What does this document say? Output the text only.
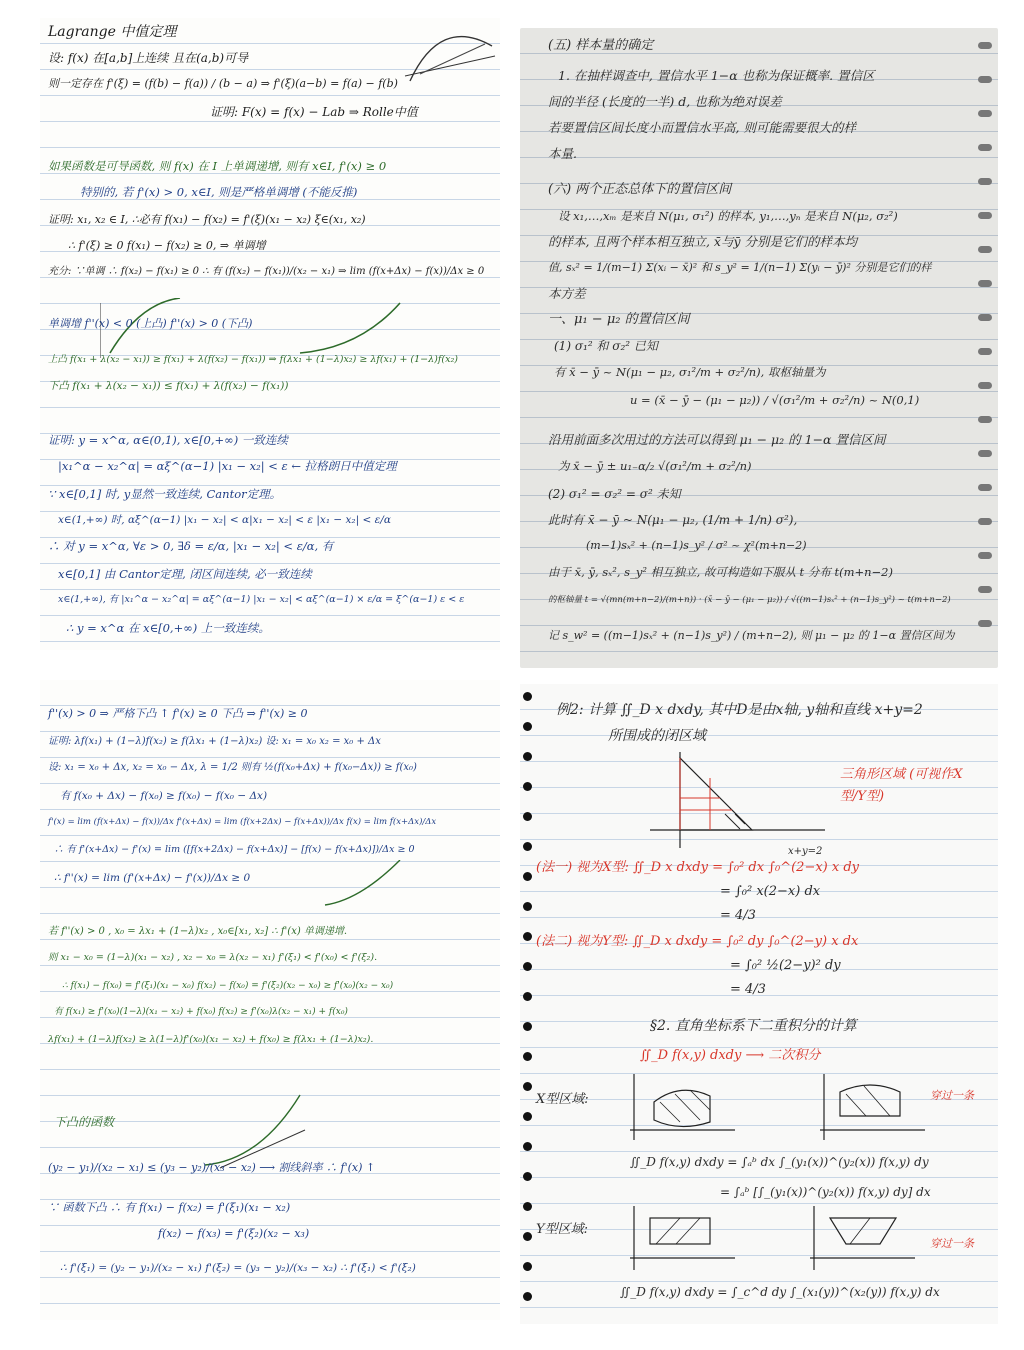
Lagrange 中值定理
设: f(x) 在[a,b]上连续 且在(a,b)可导
则一定存在 f'(ξ) = (f(b) − f(a)) / (b − a) ⇒ f'(ξ)(a−b) = f(a) − f(b)
证明: F(x) = f(x) − Lab ⇒ Rolle中值
如果函数是可导函数, 则 f(x) 在 I 上单调递增, 则有 x∈I, f'(x) ≥ 0
特别的, 若 f'(x) > 0, x∈I, 则是严格单调增 (不能反推)
证明: x₁, x₂ ∈ I, ∴必有 f(x₁) − f(x₂) = f'(ξ)(x₁ − x₂) ξ∈(x₁, x₂)
∴ f'(ξ) ≥ 0 f(x₁) − f(x₂) ≥ 0, ⇒ 单调增
充分: ∵单调 ∴ f(x₂) − f(x₁) ≥ 0 ∴ 有 (f(x₂) − f(x₁))/(x₂ − x₁) ⇒ lim (f(x+Δx) − f(x))/Δx ≥ 0
单调增 f''(x) < 0 (上凸) f''(x) > 0 (下凸)
上凸 f(x₁ + λ(x₂ − x₁)) ≥ f(x₁) + λ(f(x₂) − f(x₁)) ⇒ f(λx₁ + (1−λ)x₂) ≥ λf(x₁) + (1−λ)f(x₂)
下凸 f(x₁ + λ(x₂ − x₁)) ≤ f(x₁) + λ(f(x₂) − f(x₁))
证明: y = x^α, α∈(0,1), x∈[0,+∞) 一致连续
|x₁^α − x₂^α| = αξ^(α−1) |x₁ − x₂| < ε ← 拉格朗日中值定理
∵ x∈[0,1] 时, y显然一致连续, Cantor定理。
x∈(1,+∞) 时, αξ^(α−1) |x₁ − x₂| < α|x₁ − x₂| < ε |x₁ − x₂| < ε/α
∴ 对 y = x^α, ∀ε > 0, ∃δ = ε/α, |x₁ − x₂| < ε/α, 有
x∈[0,1] 由 Cantor定理, 闭区间连续, 必一致连续
x∈(1,+∞), 有 |x₁^α − x₂^α| = αξ^(α−1) |x₁ − x₂| < αξ^(α−1) × ε/α = ξ^(α−1) ε < ε
∴ y = x^α 在 x∈[0,+∞) 上一致连续。
(五) 样本量的确定
1. 在抽样调查中, 置信水平 1−α 也称为保证概率. 置信区
间的半径 (长度的一半) d, 也称为绝对误差
若要置信区间长度小而置信水平高, 则可能需要很大的样
本量.
(六) 两个正态总体下的置信区间
设 x₁,…,xₘ 是来自 N(μ₁, σ₁²) 的样本, y₁,…,yₙ 是来自 N(μ₂, σ₂²)
的样本, 且两个样本相互独立, x̄与ȳ 分别是它们的样本均
值, sₓ² = 1/(m−1) Σ(xᵢ − x̄)² 和 s_y² = 1/(n−1) Σ(yᵢ − ȳ)² 分别是它们的样
本方差
一、μ₁ − μ₂ 的置信区间
(1) σ₁² 和 σ₂² 已知
有 x̄ − ȳ ~ N(μ₁ − μ₂, σ₁²/m + σ₂²/n), 取枢轴量为
u = (x̄ − ȳ − (μ₁ − μ₂)) / √(σ₁²/m + σ₂²/n) ~ N(0,1)
沿用前面多次用过的方法可以得到 μ₁ − μ₂ 的 1−α 置信区间
为 x̄ − ȳ ± u₁₋α/₂ √(σ₁²/m + σ₂²/n)
(2) σ₁² = σ₂² = σ² 未知
此时有 x̄ − ȳ ~ N(μ₁ − μ₂, (1/m + 1/n) σ²),
(m−1)sₓ² + (n−1)s_y² / σ² ~ χ²(m+n−2)
由于 x̄, ȳ, sₓ², s_y² 相互独立, 故可构造如下服从 t 分布 t(m+n−2)
的枢轴量 t = √(mn(m+n−2)/(m+n)) · (x̄ − ȳ − (μ₁ − μ₂)) / √((m−1)sₓ² + (n−1)s_y²) ~ t(m+n−2)
记 s_w² = ((m−1)sₓ² + (n−1)s_y²) / (m+n−2), 则 μ₁ − μ₂ 的 1−α 置信区间为
f''(x) > 0 ⇒ 严格下凸 ↑ f'(x) ≥ 0 下凸 ⇒ f''(x) ≥ 0
证明: λf(x₁) + (1−λ)f(x₂) ≥ f(λx₁ + (1−λ)x₂) 设: x₁ = x₀ x₂ = x₀ + Δx
设: x₁ = x₀ + Δx, x₂ = x₀ − Δx, λ = 1/2 则有 ½(f(x₀+Δx) + f(x₀−Δx)) ≥ f(x₀)
有 f(x₀ + Δx) − f(x₀) ≥ f(x₀) − f(x₀ − Δx)
f'(x) = lim (f(x+Δx) − f(x))/Δx f'(x+Δx) = lim (f(x+2Δx) − f(x+Δx))/Δx f(x) = lim f(x+Δx)/Δx
∴ 有 f'(x+Δx) − f'(x) = lim ([f(x+2Δx) − f(x+Δx)] − [f(x) − f(x+Δx)])/Δx ≥ 0
∴ f''(x) = lim (f'(x+Δx) − f'(x))/Δx ≥ 0
若 f''(x) > 0 , x₀ = λx₁ + (1−λ)x₂ , x₀∈[x₁, x₂] ∴ f'(x) 单调递增.
则 x₁ − x₀ = (1−λ)(x₁ − x₂) , x₂ − x₀ = λ(x₂ − x₁) f'(ξ₁) < f'(x₀) < f'(ξ₂).
∴ f(x₁) − f(x₀) = f'(ξ₁)(x₁ − x₀) f(x₂) − f(x₀) = f'(ξ₂)(x₂ − x₀) ≥ f'(x₀)(x₂ − x₀)
有 f(x₁) ≥ f'(x₀)(1−λ)(x₁ − x₂) + f(x₀) f(x₂) ≥ f'(x₀)λ(x₂ − x₁) + f(x₀)
λf(x₁) + (1−λ)f(x₂) ≥ λ(1−λ)f'(x₀)(x₁ − x₂) + f(x₀) ≥ f(λx₁ + (1−λ)x₂).
下凸的函数
(y₂ − y₁)/(x₂ − x₁) ≤ (y₃ − y₂)/(x₃ − x₂) ⟶ 割线斜率 ∴ f'(x) ↑
∵ 函数下凸 ∴ 有 f(x₁) − f(x₂) = f'(ξ₁)(x₁ − x₂)
f(x₂) − f(x₃) = f'(ξ₂)(x₂ − x₃)
∴ f'(ξ₁) = (y₂ − y₁)/(x₂ − x₁) f'(ξ₂) = (y₃ − y₂)/(x₃ − x₂) ∴ f'(ξ₁) < f'(ξ₂)
例2: 计算 ∬_D x dxdy, 其中D是由x轴, y轴和直线 x+y=2
所围成的闭区域
x+y=2
三角形区域 (可视作X型/Y型)
(法一) 视为X型: ∬_D x dxdy = ∫₀² dx ∫₀^(2−x) x dy
= ∫₀² x(2−x) dx
= 4/3
(法二) 视为Y型: ∬_D x dxdy = ∫₀² dy ∫₀^(2−y) x dx
= ∫₀² ½(2−y)² dy
= 4/3
§2. 直角坐标系下二重积分的计算
∬_D f(x,y) dxdy ⟶ 二次积分
X型区域:	穿过一条
∬_D f(x,y) dxdy = ∫ₐᵇ dx ∫_(y₁(x))^(y₂(x)) f(x,y) dy
= ∫ₐᵇ [∫_(y₁(x))^(y₂(x)) f(x,y) dy] dx
Y型区域:
穿过一条
∬_D f(x,y) dxdy = ∫_c^d dy ∫_(x₁(y))^(x₂(y)) f(x,y) dx
